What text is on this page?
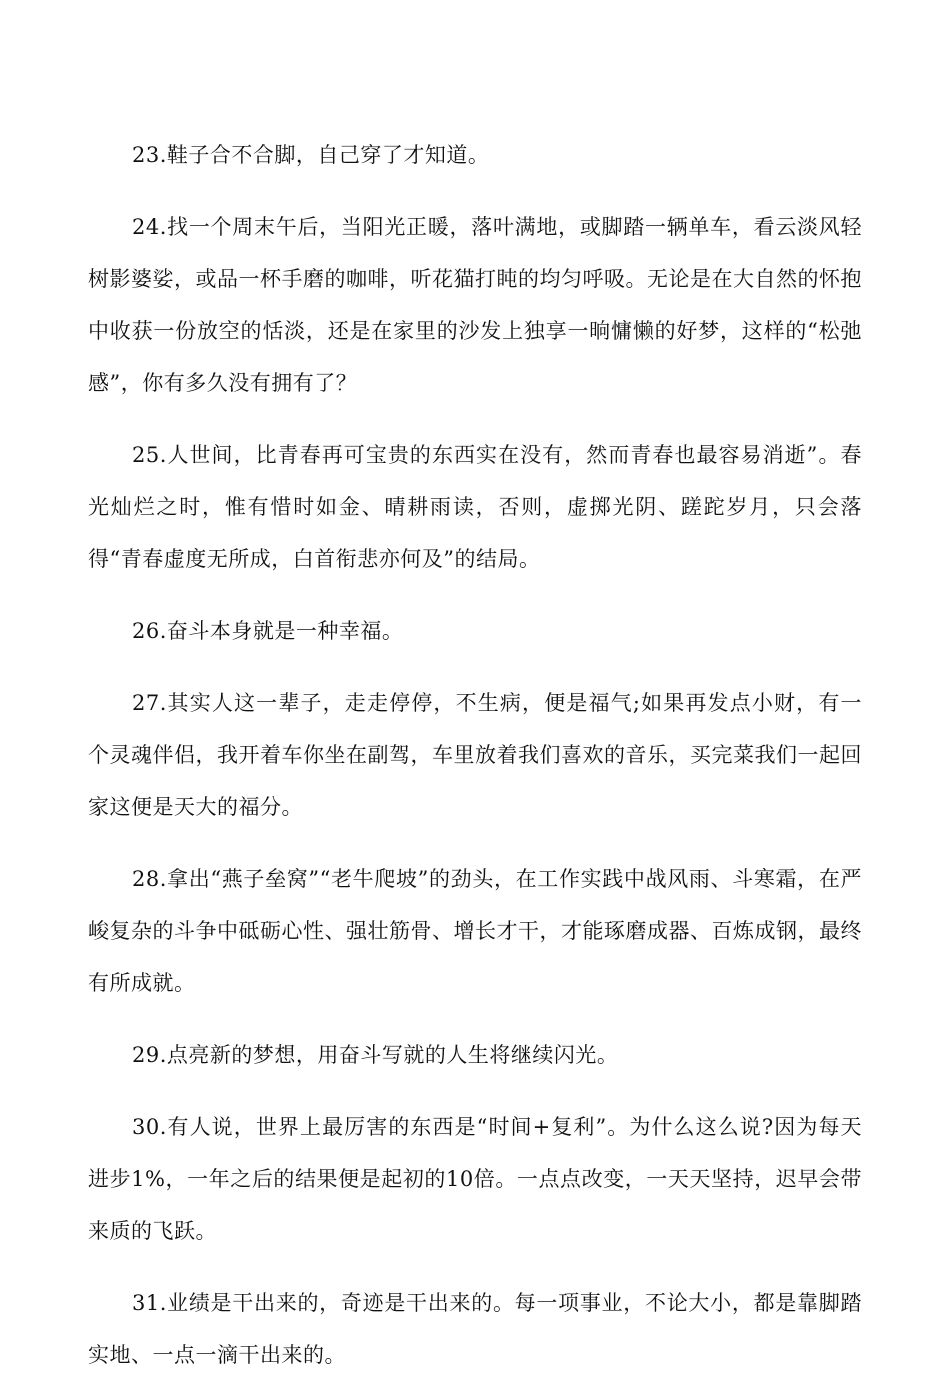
23.鞋子合不合脚，自己穿了才知道。

24.找一个周末午后，当阳光正暖，落叶满地，或脚踏一辆单车，看云淡风轻树影婆娑，或品一杯手磨的咖啡，听花猫打盹的均匀呼吸。无论是在大自然的怀抱中收获一份放空的恬淡，还是在家里的沙发上独享一晌慵懒的好梦，这样的“松弛感”，你有多久没有拥有了？

25.人世间，比青春再可宝贵的东西实在没有，然而青春也最容易消逝”。春光灿烂之时，惟有惜时如金、晴耕雨读，否则，虚掷光阴、蹉跎岁月，只会落得“青春虚度无所成，白首衔悲亦何及”的结局。

26.奋斗本身就是一种幸福。

27.其实人这一辈子，走走停停，不生病，便是福气;如果再发点小财，有一个灵魂伴侣，我开着车你坐在副驾，车里放着我们喜欢的音乐，买完菜我们一起回家这便是天大的福分。

28.拿出“燕子垒窝”“老牛爬坡”的劲头，在工作实践中战风雨、斗寒霜，在严峻复杂的斗争中砥砺心性、强壮筋骨、增长才干，才能琢磨成器、百炼成钢，最终有所成就。

29.点亮新的梦想，用奋斗写就的人生将继续闪光。

30.有人说，世界上最厉害的东西是“时间+复利”。为什么这么说?因为每天进步1%，一年之后的结果便是起初的10倍。一点点改变，一天天坚持，迟早会带来质的飞跃。

31.业绩是干出来的，奇迹是干出来的。每一项事业，不论大小，都是靠脚踏实地、一点一滴干出来的。
